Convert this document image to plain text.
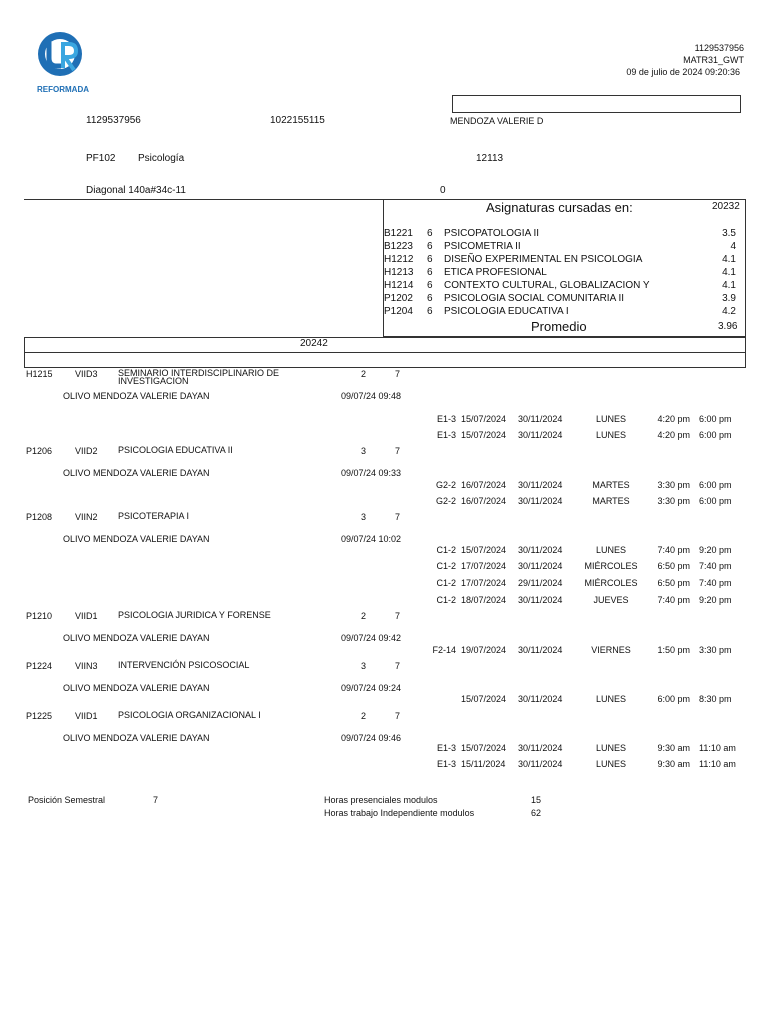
REFORMADA
1129537956
MATR31_GWT
09 de julio de 2024 09:20:36
1129537956	1022155115	MENDOZA VALERIE D
PF102 Psicología	12113
Diagonal 140a#34c-11	0
Asignaturas cursadas en:	20232
B1221 6 PSICOPATOLOGIA II	3.5
B1223 6 PSICOMETRIA II	4
H1212 6 DISEÑO EXPERIMENTAL EN PSICOLOGIA	4.1
H1213 6 ETICA PROFESIONAL	4.1
H1214 6 CONTEXTO CULTURAL, GLOBALIZACION Y	4.1
P1202 6 PSICOLOGIA SOCIAL COMUNITARIA II	3.9
P1204 6 PSICOLOGIA EDUCATIVA I	4.2
Promedio	3.96
20242
H1215 VIID3 SEMINARIO INTERDISCIPLINARIO DE INVESTIGACION
2	7
OLIVO MENDOZA VALERIE DAYAN	09/07/24 09:48
E1-3 15/07/2024 30/11/2024	LUNES	4:20 pm 6:00 pm
E1-3 15/07/2024 30/11/2024	LUNES	4:20 pm 6:00 pm
P1206	VIID2 PSICOLOGIA EDUCATIVA II	3	7
OLIVO MENDOZA VALERIE DAYAN	09/07/24 09:33
G2-2 16/07/2024 30/11/2024	MARTES	3:30 pm 6:00 pm
G2-2 16/07/2024 30/11/2024	MARTES	3:30 pm 6:00 pm
P1208	VIIN2 PSICOTERAPIA I	3	7
OLIVO MENDOZA VALERIE DAYAN	09/07/24 10:02
C1-2 15/07/2024 30/11/2024	LUNES	7:40 pm 9:20 pm
C1-2 17/07/2024 30/11/2024	MIÉRCOLES	6:50 pm 7:40 pm
C1-2 17/07/2024 29/11/2024	MIÉRCOLES	6:50 pm 7:40 pm
C1-2 18/07/2024 30/11/2024	JUEVES	7:40 pm 9:20 pm
P1210	VIID1 PSICOLOGIA JURIDICA Y FORENSE	2	7
OLIVO MENDOZA VALERIE DAYAN	09/07/24 09:42
F2-14 19/07/2024 30/11/2024	VIERNES	1:50 pm 3:30 pm
P1224	VIIN3 INTERVENCIÓN PSICOSOCIAL	3	7
OLIVO MENDOZA VALERIE DAYAN	09/07/24 09:24
15/07/2024 30/11/2024	LUNES	6:00 pm 8:30 pm
P1225	VIID1 PSICOLOGIA ORGANIZACIONAL I	2	7
OLIVO MENDOZA VALERIE DAYAN	09/07/24 09:46
E1-3 15/07/2024 30/11/2024	LUNES	9:30 am 11:10 am
E1-3 15/11/2024 30/11/2024	LUNES	9:30 am 11:10 am
Posición Semestral	7	Horas presenciales modulos	15
Horas trabajo Independiente modulos	62
